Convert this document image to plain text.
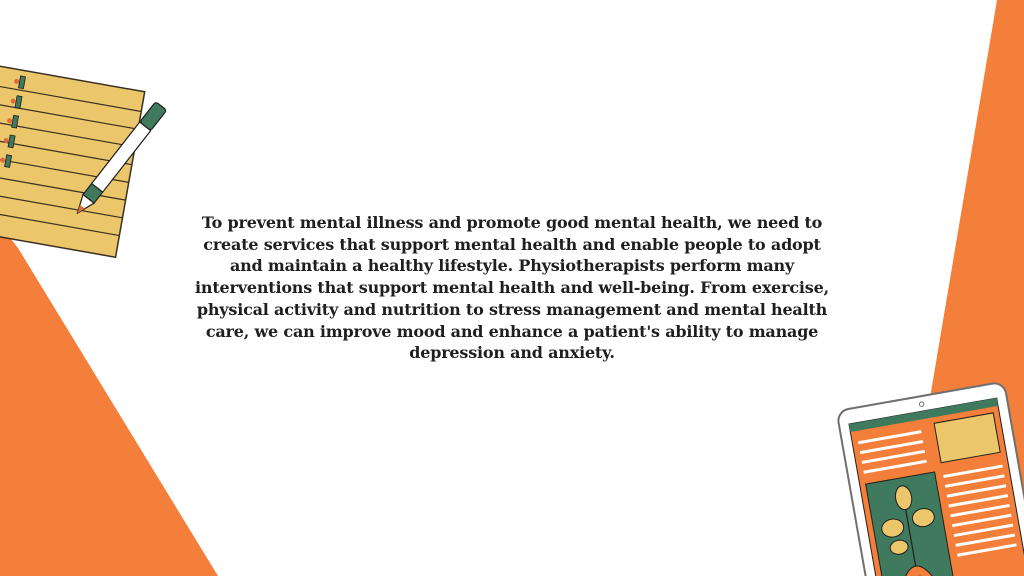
To prevent mental illness and promote good mental health, we need to create services that support mental health and enable people to adopt and maintain a healthy lifestyle. Physiotherapists perform many interventions that support mental health and well-being. From exercise, physical activity and nutrition to stress management and mental health care, we can improve mood and enhance a patient's ability to manage depression and anxiety.
